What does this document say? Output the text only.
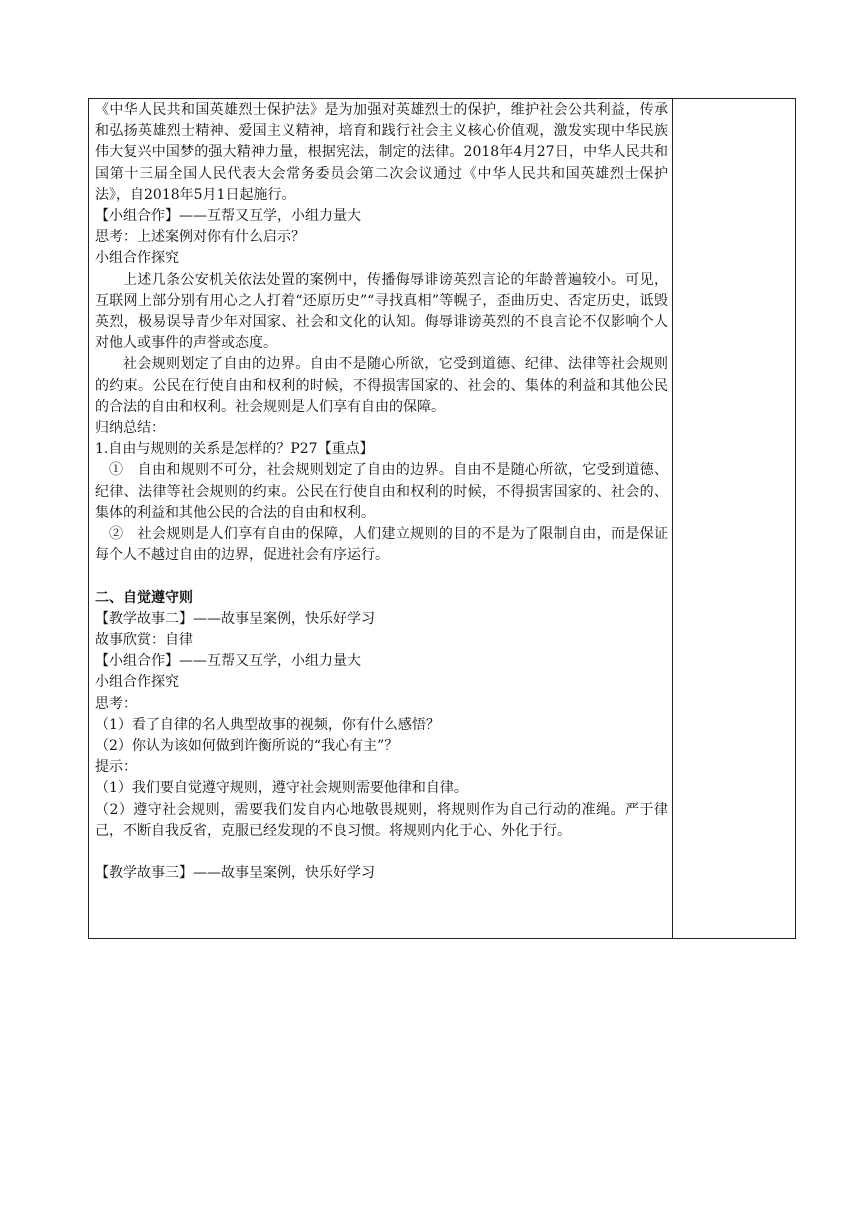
《中华人民共和国英雄烈士保护法》是为加强对英雄烈士的保护，维护社会公共利益，传承和弘扬英雄烈士精神、爱国主义精神，培育和践行社会主义核心价值观，激发实现中华民族伟大复兴中国梦的强大精神力量，根据宪法，制定的法律。2018年4月27日，中华人民共和国第十三届全国人民代表大会常务委员会第二次会议通过《中华人民共和国英雄烈士保护法》，自2018年5月1日起施行。

【小组合作】——互帮又互学，小组力量大

思考：上述案例对你有什么启示？

小组合作探究

上述几条公安机关依法处置的案例中，传播侮辱诽谤英烈言论的年龄普遍较小。可见，互联网上部分别有用心之人打着“还原历史”“寻找真相”等幌子，歪曲历史、否定历史，诋毁英烈，极易误导青少年对国家、社会和文化的认知。侮辱诽谤英烈的不良言论不仅影响个人对他人或事件的声誉或态度。

社会规则划定了自由的边界。自由不是随心所欲，它受到道德、纪律、法律等社会规则的约束。公民在行使自由和权利的时候，不得损害国家的、社会的、集体的利益和其他公民的合法的自由和权利。社会规则是人们享有自由的保障。

归纳总结：

1.自由与规则的关系是怎样的？P27【重点】

①　自由和规则不可分，社会规则划定了自由的边界。自由不是随心所欲，它受到道德、纪律、法律等社会规则的约束。公民在行使自由和权利的时候，不得损害国家的、社会的、集体的利益和其他公民的合法的自由和权利。

②　社会规则是人们享有自由的保障，人们建立规则的目的不是为了限制自由，而是保证每个人不越过自由的边界，促进社会有序运行。

二、自觉遵守则

【教学故事二】——故事呈案例，快乐好学习

故事欣赏：自律

【小组合作】——互帮又互学，小组力量大

小组合作探究

思考：

（1）看了自律的名人典型故事的视频，你有什么感悟？

（2）你认为该如何做到许衡所说的“我心有主”？

提示：

（1）我们要自觉遵守规则，遵守社会规则需要他律和自律。

（2）遵守社会规则，需要我们发自内心地敬畏规则，将规则作为自己行动的准绳。严于律己，不断自我反省，克服已经发现的不良习惯。将规则内化于心、外化于行。

【教学故事三】——故事呈案例，快乐好学习
